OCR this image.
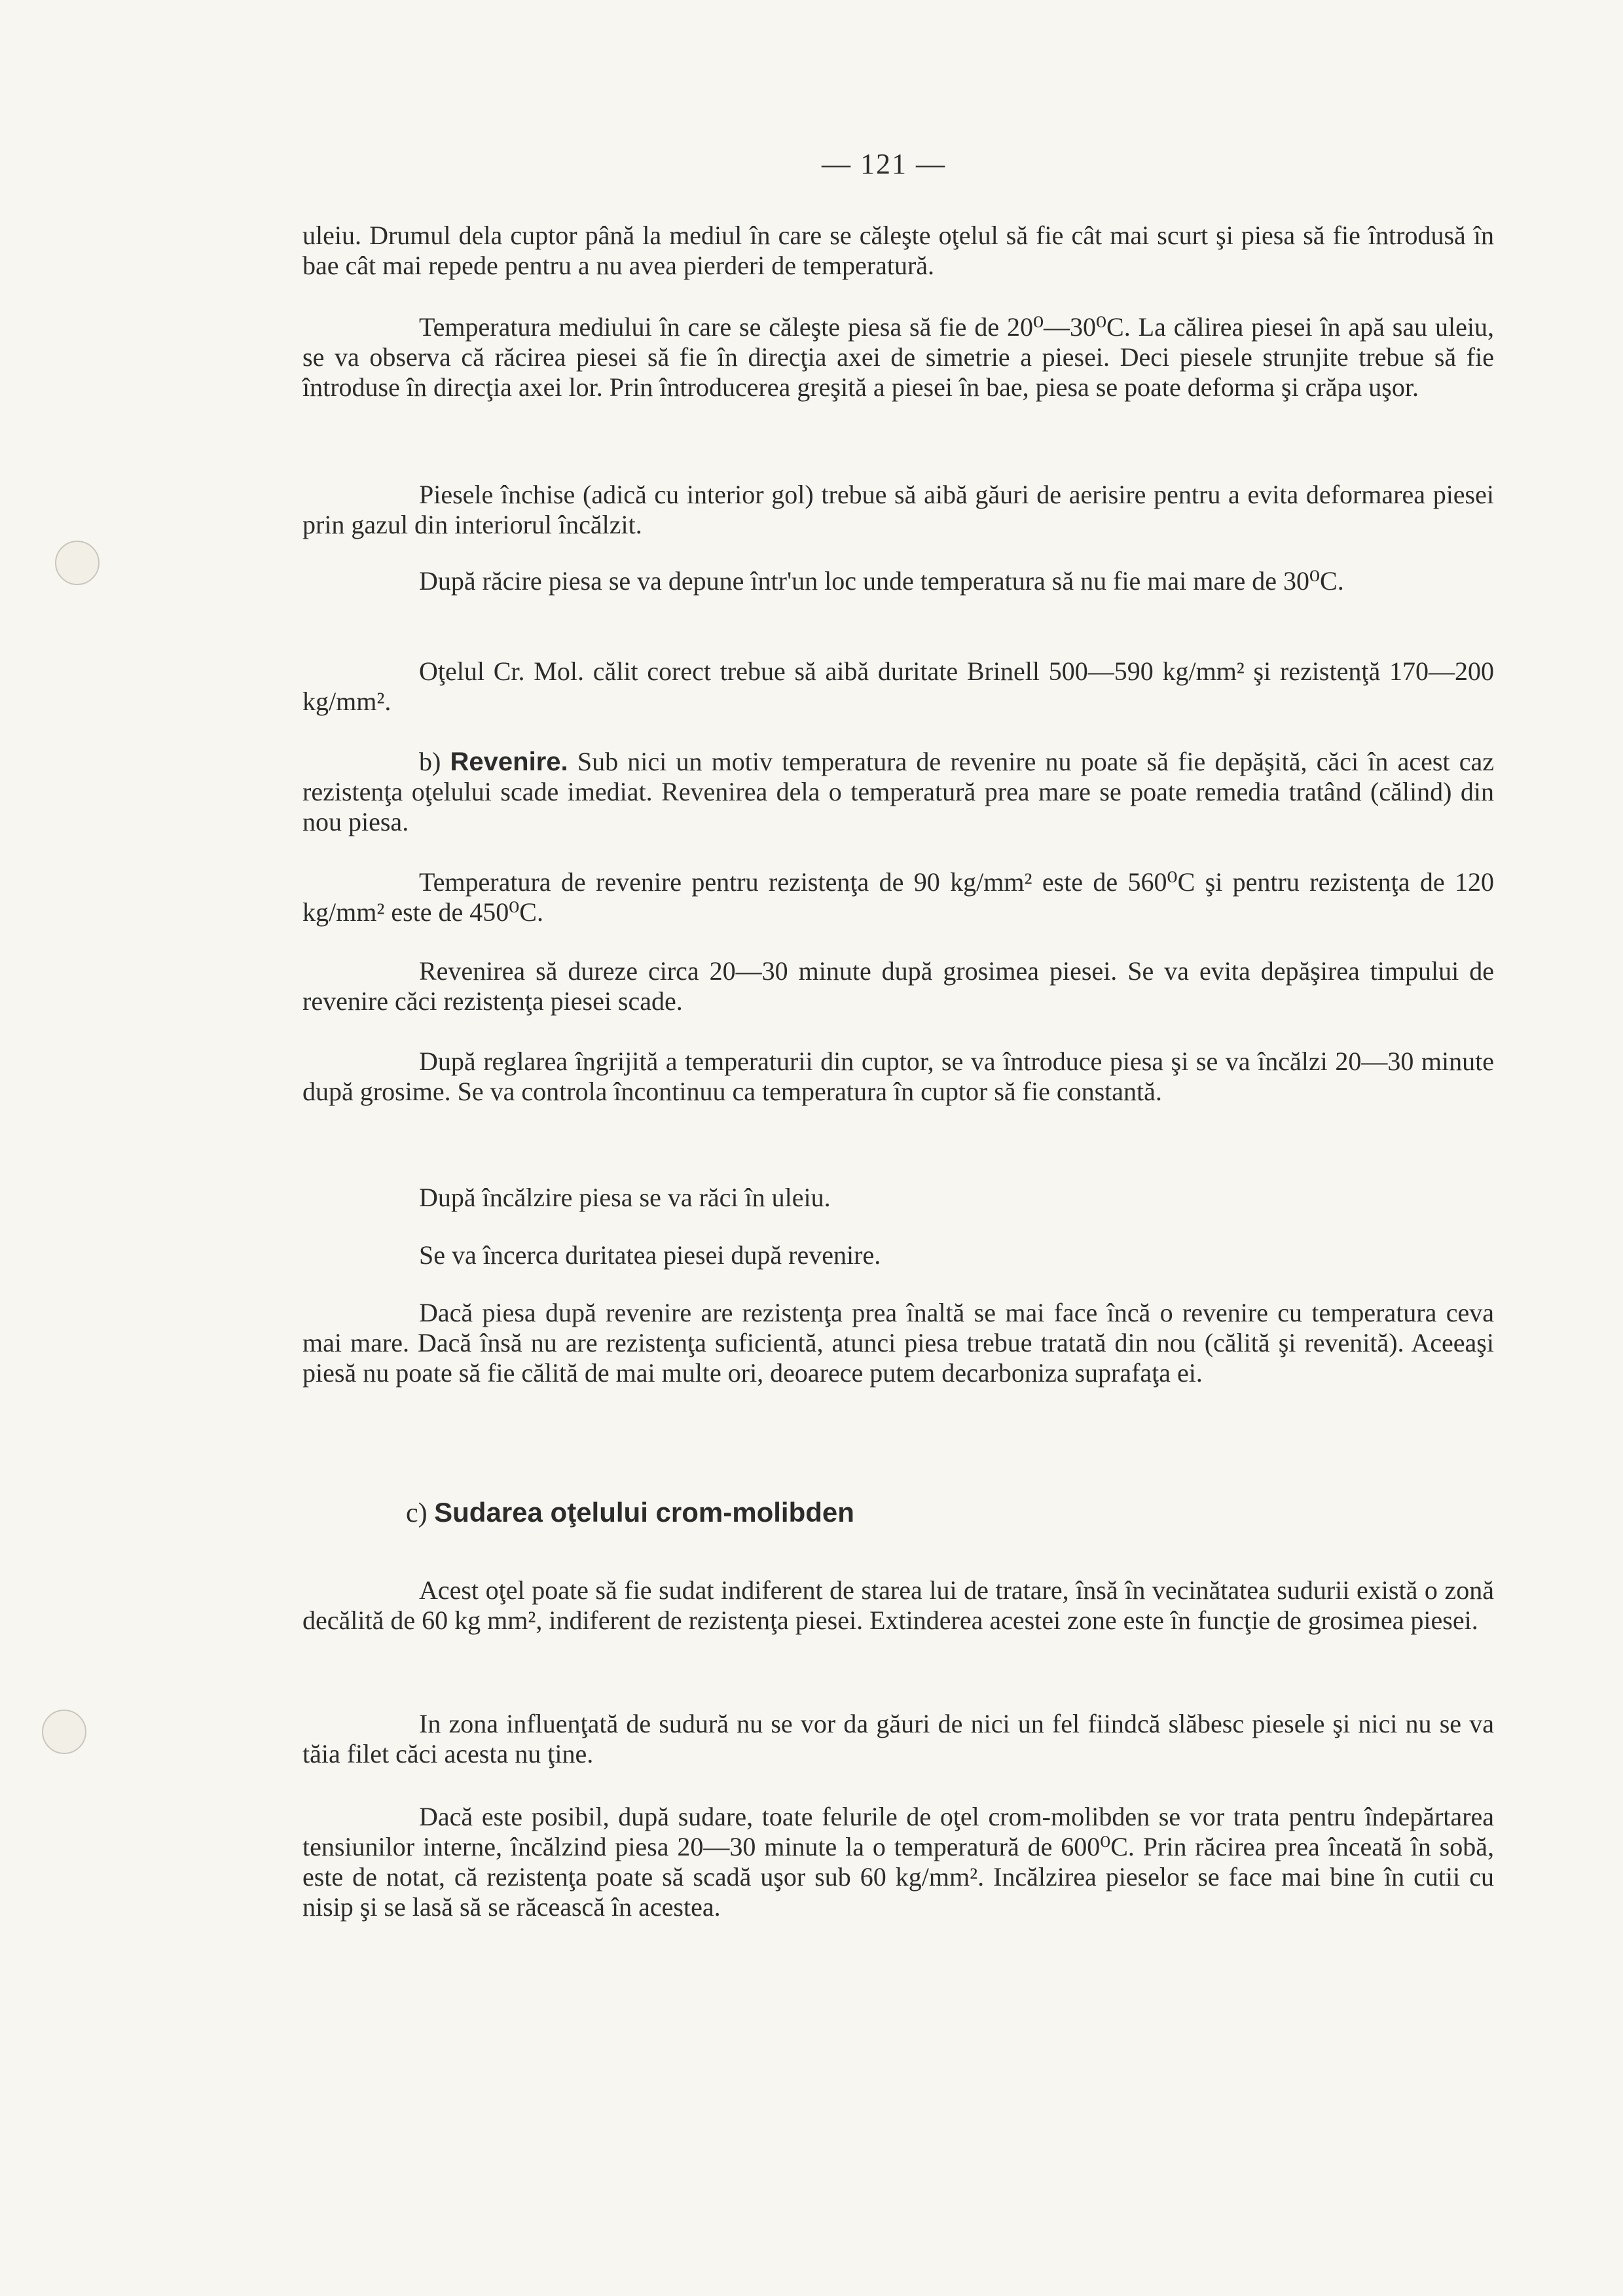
— 121 —

uleiu. Drumul dela cuptor până la mediul în care se căleşte oţelul să fie cât mai scurt şi piesa să fie întrodusă în bae cât mai repede pentru a nu avea pierderi de temperatură.

Temperatura mediului în care se căleşte piesa să fie de 20⁰—30⁰C. La călirea piesei în apă sau uleiu, se va observa că răcirea piesei să fie în direcţia axei de simetrie a piesei. Deci piesele strunjite trebue să fie întroduse în direcţia axei lor. Prin întroducerea greşită a piesei în bae, piesa se poate deforma şi crăpa uşor.

Piesele închise (adică cu interior gol) trebue să aibă găuri de aerisire pentru a evita deformarea piesei prin gazul din interiorul încălzit.

După răcire piesa se va depune într'un loc unde temperatura să nu fie mai mare de 30⁰C.

Oţelul Cr. Mol. călit corect trebue să aibă duritate Brinell 500—590 kg/mm² şi rezistenţă 170—200 kg/mm².

b) Revenire. Sub nici un motiv temperatura de revenire nu poate să fie depăşită, căci în acest caz rezistenţa oţelului scade imediat. Revenirea dela o temperatură prea mare se poate remedia tratând (călind) din nou piesa.

Temperatura de revenire pentru rezistenţa de 90 kg/mm² este de 560⁰C şi pentru rezistenţa de 120 kg/mm² este de 450⁰C.

Revenirea să dureze circa 20—30 minute după grosimea piesei. Se va evita depăşirea timpului de revenire căci rezistenţa piesei scade.

După reglarea îngrijită a temperaturii din cuptor, se va întroduce piesa şi se va încălzi 20—30 minute după grosime. Se va controla încontinuu ca temperatura în cuptor să fie constantă.

După încălzire piesa se va răci în uleiu.

Se va încerca duritatea piesei după revenire.

Dacă piesa după revenire are rezistenţa prea înaltă se mai face încă o revenire cu temperatura ceva mai mare. Dacă însă nu are rezistenţa suficientă, atunci piesa trebue tratată din nou (călită şi revenită). Aceeaşi piesă nu poate să fie călită de mai multe ori, deoarece putem decarboniza suprafaţa ei.

c) Sudarea oţelului crom-molibden

Acest oţel poate să fie sudat indiferent de starea lui de tratare, însă în vecinătatea sudurii există o zonă decălită de 60 kg mm², indiferent de rezistenţa piesei. Extinderea acestei zone este în funcţie de grosimea piesei.

In zona influenţată de sudură nu se vor da găuri de nici un fel fiindcă slăbesc piesele şi nici nu se va tăia filet căci acesta nu ţine.

Dacă este posibil, după sudare, toate felurile de oţel crom-molibden se vor trata pentru îndepărtarea tensiunilor interne, încălzind piesa 20—30 minute la o temperatură de 600⁰C. Prin răcirea prea înceată în sobă, este de notat, că rezistenţa poate să scadă uşor sub 60 kg/mm². Incălzirea pieselor se face mai bine în cutii cu nisip şi se lasă să se răcească în acestea.
